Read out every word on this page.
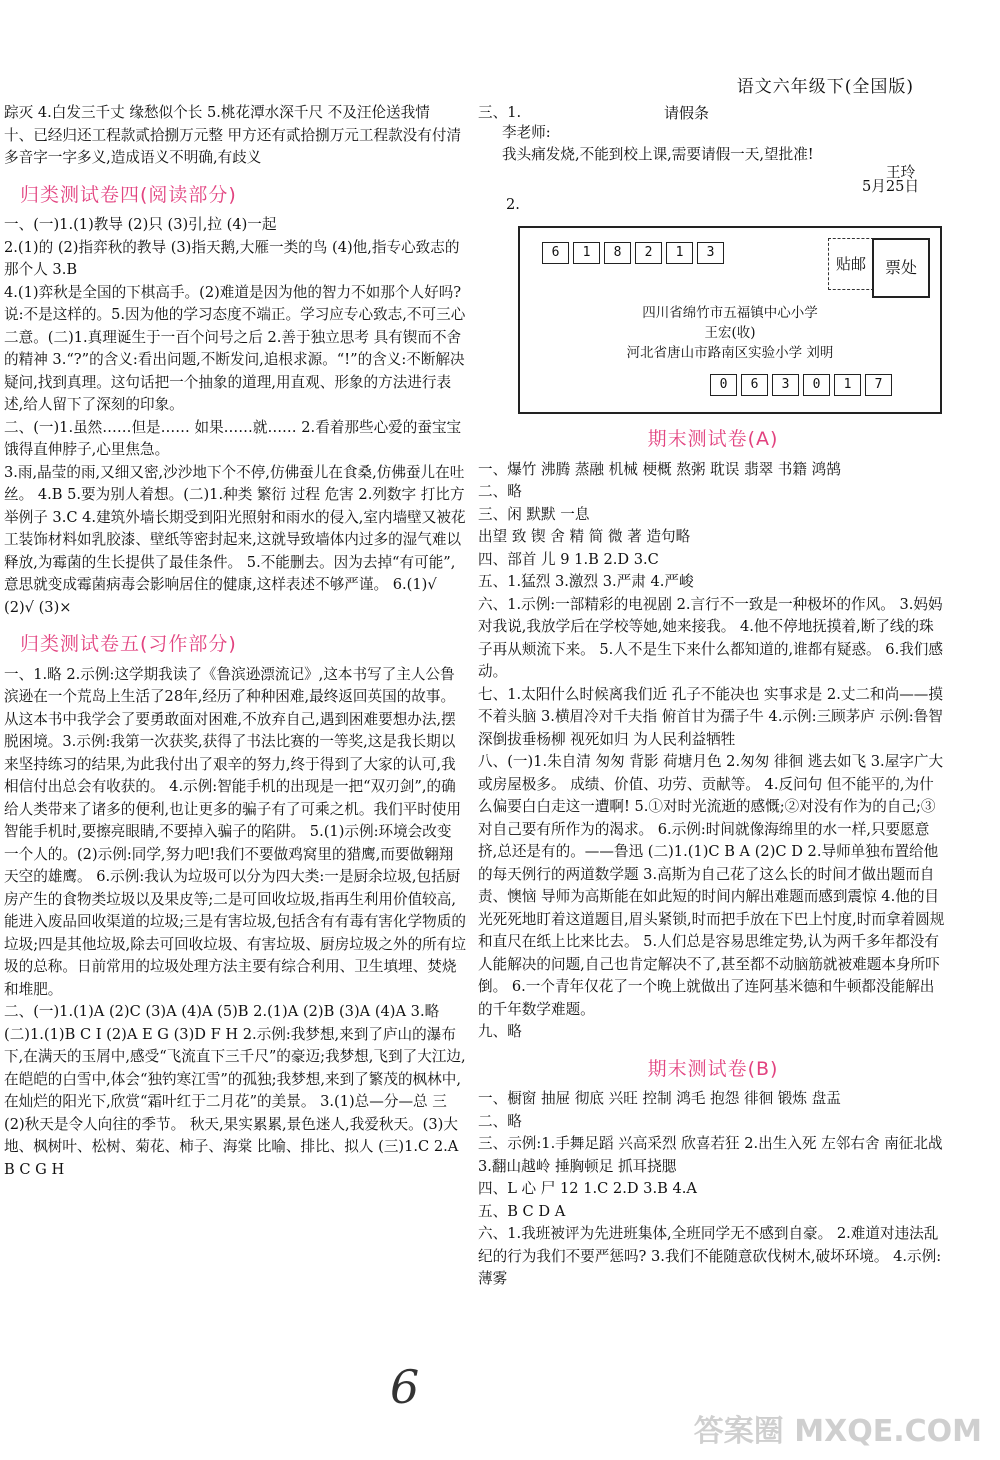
语文六年级下(全国版)

踪灭 4.白发三千丈 缘愁似个长 5.桃花潭水深千尺 不及汪伦送我情

十、已经归还工程款贰拾捌万元整 甲方还有贰拾捌万元工程款没有付清 多音字一字多义,造成语义不明确,有歧义

归类测试卷四(阅读部分)

一、(一)1.(1)教导 (2)只 (3)引,拉 (4)一起

2.(1)的 (2)指弈秋的教导 (3)指天鹅,大雁一类的鸟 (4)他,指专心致志的那个人 3.B

4.(1)弈秋是全国的下棋高手。(2)难道是因为他的智力不如那个人好吗?说:不是这样的。5.因为他的学习态度不端正。学习应专心致志,不可三心二意。(二)1.真理诞生于一百个问号之后 2.善于独立思考 具有锲而不舍的精神 3.“?”的含义:看出问题,不断发问,追根求源。“!”的含义:不断解决疑问,找到真理。这句话把一个抽象的道理,用直观、形象的方法进行表述,给人留下了深刻的印象。

二、(一)1.虽然……但是…… 如果……就…… 2.看着那些心爱的蚕宝宝饿得直伸脖子,心里焦急。

3.雨,晶莹的雨,又细又密,沙沙地下个不停,仿佛蚕儿在食桑,仿佛蚕儿在吐丝。 4.B 5.要为别人着想。(二)1.种类 繁衍 过程 危害 2.列数字 打比方 举例子 3.C 4.建筑外墙长期受到阳光照射和雨水的侵入,室内墙壁又被花工装饰材料如乳胶漆、壁纸等密封起来,这就导致墙体内过多的湿气难以释放,为霉菌的生长提供了最佳条件。 5.不能删去。因为去掉“有可能”,意思就变成霉菌病毒会影响居住的健康,这样表述不够严谨。 6.(1)√ (2)√ (3)×

归类测试卷五(习作部分)

一、1.略 2.示例:这学期我读了《鲁滨逊漂流记》,这本书写了主人公鲁滨逊在一个荒岛上生活了28年,经历了种种困难,最终返回英国的故事。从这本书中我学会了要勇敢面对困难,不放弃自己,遇到困难要想办法,摆脱困境。3.示例:我第一次获奖,获得了书法比赛的一等奖,这是我长期以来坚持练习的结果,为此我付出了艰辛的努力,终于得到了大家的认可,我相信付出总会有收获的。 4.示例:智能手机的出现是一把“双刃剑”,的确给人类带来了诸多的便利,也让更多的骗子有了可乘之机。我们平时使用智能手机时,要擦亮眼睛,不要掉入骗子的陷阱。 5.(1)示例:环境会改变一个人的。(2)示例:同学,努力吧!我们不要做鸡窝里的猎鹰,而要做翱翔天空的雄鹰。 6.示例:我认为垃圾可以分为四大类:一是厨余垃圾,包括厨房产生的食物类垃圾以及果皮等;二是可回收垃圾,指再生利用价值较高,能进入废品回收渠道的垃圾;三是有害垃圾,包括含有有毒有害化学物质的垃圾;四是其他垃圾,除去可回收垃圾、有害垃圾、厨房垃圾之外的所有垃圾的总称。日前常用的垃圾处理方法主要有综合利用、卫生填埋、焚烧和堆肥。

二、(一)1.(1)A (2)C (3)A (4)A (5)B 2.(1)A (2)B (3)A (4)A 3.略

(二)1.(1)B C I (2)A E G (3)D F H 2.示例:我梦想,来到了庐山的瀑布下,在满天的玉屑中,感受“飞流直下三千尺”的豪迈;我梦想,飞到了大江边,在皑皑的白雪中,体会“独钓寒江雪”的孤独;我梦想,来到了繁茂的枫林中,在灿烂的阳光下,欣赏“霜叶红于二月花”的美景。 3.(1)总—分—总 三 (2)秋天是令人向往的季节。 秋天,果实累累,景色迷人,我爱秋天。(3)大地、枫树叶、松树、菊花、柿子、海棠 比喻、排比、拟人 (三)1.C 2.A B C G H

三、1.	请假条
李老师:
我头痛发烧,不能到校上课,需要请假一天,望批准!
王玲
5月25日
2.
6	1	8	2	1	3
贴邮	票处
四川省绵竹市五福镇中心小学
王宏(收)
河北省唐山市路南区实验小学 刘明
0	6	3	0	1	7
期末测试卷(A)

一、爆竹 沸腾 蒸融 机械 梗概 熬粥 耽误 翡翠 书籍 鸿鹄

二、略

三、闲 默默 一息

出望 致 锲 舍 精 简 微 著 造句略

四、部首 儿 9 1.B 2.D 3.C

五、1.猛烈 3.激烈 3.严肃 4.严峻

六、1.示例:一部精彩的电视剧 2.言行不一致是一种极坏的作风。 3.妈妈对我说,我放学后在学校等她,她来接我。 4.他不停地抚摸着,断了线的珠子再从颊流下来。 5.人不是生下来什么都知道的,谁都有疑惑。 6.我们感动。

七、1.太阳什么时候离我们近 孔子不能决也 实事求是 2.丈二和尚——摸不着头脑 3.横眉冷对千夫指 俯首甘为孺子牛 4.示例:三顾茅庐 示例:鲁智深倒拔垂杨柳 视死如归 为人民利益牺牲

八、(一)1.朱自清 匆匆 背影 荷塘月色 2.匆匆 徘徊 逃去如飞 3.屋字广大或房屋极多。 成绩、价值、功劳、贡献等。 4.反问句 但不能平的,为什么偏要白白走这一遭啊! 5.①对时光流逝的感慨;②对没有作为的自己;③对自己要有所作为的渴求。 6.示例:时间就像海绵里的水一样,只要愿意挤,总还是有的。——鲁迅 (二)1.(1)C B A (2)C D 2.导师单独布置给他的每天例行的两道数学题 3.高斯为自己花了这么长的时间才做出题而自责、懊恼 导师为高斯能在如此短的时间内解出难题而感到震惊 4.他的目光死死地盯着这道题目,眉头紧锁,时而把手放在下巴上忖度,时而拿着圆规和直尺在纸上比来比去。 5.人们总是容易思维定势,认为两千多年都没有人能解决的问题,自己也肯定解决不了,甚至都不动脑筋就被难题本身所吓倒。 6.一个青年仅花了一个晚上就做出了连阿基米德和牛顿都没能解出的千年数学难题。

九、略

期末测试卷(B)

一、橱窗 抽屉 彻底 兴旺 控制 鸿毛 抱怨 徘徊 锻炼 盘盂

二、略

三、示例:1.手舞足蹈 兴高采烈 欣喜若狂 2.出生入死 左邻右舍 南征北战 3.翻山越岭 捶胸顿足 抓耳挠腮

四、L 心 尸 12 1.C 2.D 3.B 4.A

五、B C D A

六、1.我班被评为先进班集体,全班同学无不感到自豪。 2.难道对违法乱纪的行为我们不要严惩吗? 3.我们不能随意砍伐树木,破坏环境。 4.示例:薄雾

6
答案圈 MXQE.COM
